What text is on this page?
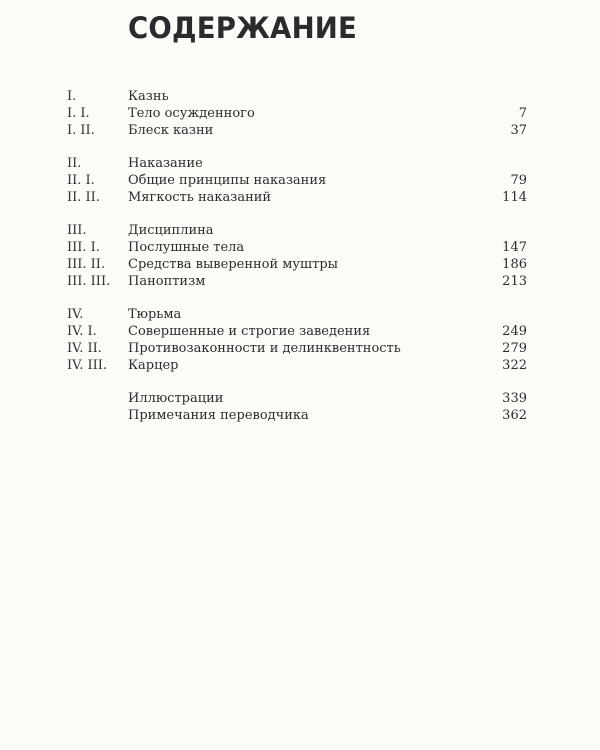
СОДЕРЖАНИЕ
I.	Казнь
I. I.	Тело осужденного	7
I. II.	Блеск казни	37
II.	Наказание
II. I.	Общие принципы наказания	79
II. II.	Мягкость наказаний	114
III.	Дисциплина
III. I.	Послушные тела	147
III. II.	Средства выверенной муштры	186
III. III.	Паноптизм	213
IV.	Тюрьма
IV. I.	Совершенные и строгие заведения	249
IV. II.	Противозаконности и делинквентность	279
IV. III.	Карцер	322
Иллюстрации	339
Примечания переводчика	362
